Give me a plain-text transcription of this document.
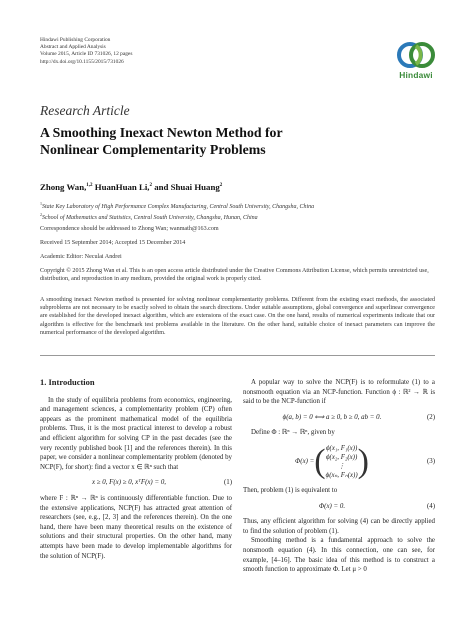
Hindawi Publishing Corporation
Abstract and Applied Analysis
Volume 2015, Article ID 731026, 12 pages
http://dx.doi.org/10.1155/2015/731026
Hindawi
Research Article
A Smoothing Inexact Newton Method for
Nonlinear Complementarity Problems
Zhong Wan,$^{1,2}$ HuanHuan Li,$^2$ and Shuai Huang$^2$
$^1$State Key Laboratory of High Performance Complex Manufacturing, Central South University, Changsha, China
$^2$School of Mathematics and Statistics, Central South University, Changsha, Hunan, China
Correspondence should be addressed to Zhong Wan; wanmath@163.com
Received 15 September 2014; Accepted 15 December 2014
Academic Editor: Neculai Andrei
Copyright © 2015 Zhong Wan et al. This is an open access article distributed under the Creative Commons Attribution License, which permits unrestricted use, distribution, and reproduction in any medium, provided the original work is properly cited.
A smoothing inexact Newton method is presented for solving nonlinear complementarity problems. Different from the existing exact methods, the associated subproblems are not necessary to be exactly solved to obtain the search directions. Under suitable assumptions, global convergence and superlinear convergence are established for the developed inexact algorithm, which are extensions of the exact case. On the one hand, results of numerical experiments indicate that our algorithm is effective for the benchmark test problems available in the literature. On the other hand, suitable choice of inexact parameters can improve the numerical performance of the developed algorithm.
1. Introduction

In the study of equilibria problems from economics, engineering, and management sciences, a complementarity problem (CP) often appears as the prominent mathematical model of the equilibria problems. Thus, it is the most practical interest to develop a robust and efficient algorithm for solving CP in the past decades (see the very recently published book [1] and the references therein). In this paper, we consider a nonlinear complementarity problem (denoted by NCP(F), for short): find a vector x ∈ ℝⁿ such that

x ≥ 0, F(x) ≥ 0, xᵀF(x) = 0,	(1)

where F : ℝⁿ → ℝⁿ is continuously differentiable function. Due to the extensive applications, NCP(F) has attracted great attention of researchers (see, e.g., [2, 3] and the references therein). On the one hand, there have been many theoretical results on the existence of solutions and their structural properties. On the other hand, many attempts have been made to develop implementable algorithms for the solution of NCP(F).

A popular way to solve the NCP(F) is to reformulate (1) to a nonsmooth equation via an NCP-function. Function ϕ : ℝ² → ℝ is said to be the NCP-function if

ϕ(a, b) = 0 ⟺ a ≥ 0, b ≥ 0, ab = 0.	(2)

Define Φ : ℝⁿ → ℝⁿ, given by

Φ(x) = ( ϕ(x₁, F₁(x))
ϕ(x₂, F₂(x))
⋮
ϕ(xₙ, Fₙ(x)) )	(3)

Then, problem (1) is equivalent to

Φ(x) = 0.	(4)

Thus, any efficient algorithm for solving (4) can be directly applied to find the solution of problem (1).

Smoothing method is a fundamental approach to solve the nonsmooth equation (4). In this connection, one can see, for example, [4–16]. The basic idea of this method is to construct a smooth function to approximate Φ. Let μ > 0
